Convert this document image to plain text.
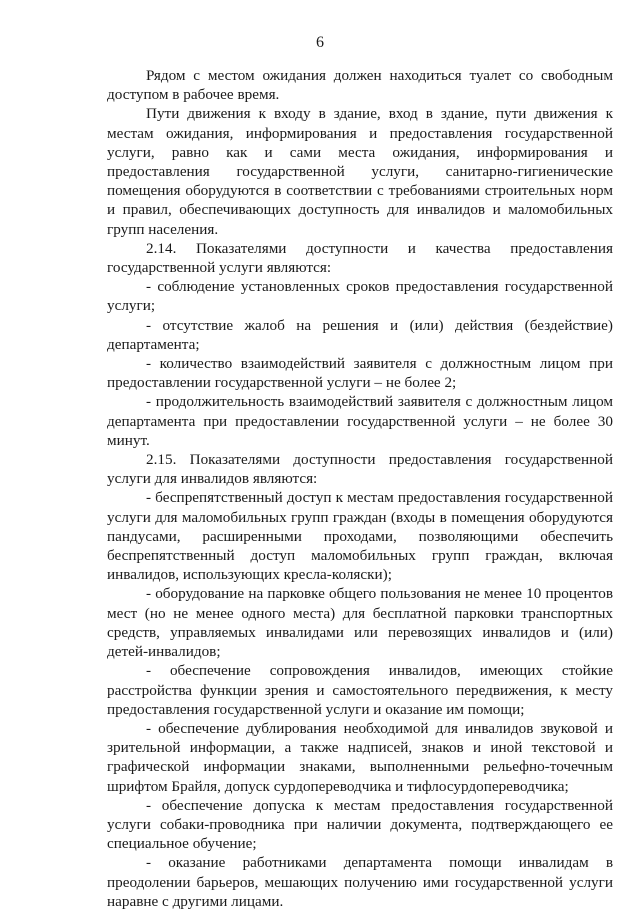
6

Рядом с местом ожидания должен находиться туалет со свободным доступом в рабочее время.

Пути движения к входу в здание, вход в здание, пути движения к местам ожидания, информирования и предоставления государственной услуги, равно как и сами места ожидания, информирования и предоставления государственной услуги, санитарно-гигиенические помещения оборудуются в соответствии с требованиями строительных норм и правил, обеспечивающих доступность для инвалидов и маломобильных групп населения.

2.14. Показателями доступности и качества предоставления государственной услуги являются:

- соблюдение установленных сроков предоставления государственной услуги;

- отсутствие жалоб на решения и (или) действия (бездействие) департамента;

- количество взаимодействий заявителя с должностным лицом при предоставлении государственной услуги – не более 2;

- продолжительность взаимодействий заявителя с должностным лицом департамента при предоставлении государственной услуги – не более 30 минут.

2.15. Показателями доступности предоставления государственной услуги для инвалидов являются:

- беспрепятственный доступ к местам предоставления государственной услуги для маломобильных групп граждан (входы в помещения оборудуются пандусами, расширенными проходами, позволяющими обеспечить беспрепятственный доступ маломобильных групп граждан, включая инвалидов, использующих кресла-коляски);

- оборудование на парковке общего пользования не менее 10 процентов мест (но не менее одного места) для бесплатной парковки транспортных средств, управляемых инвалидами или перевозящих инвалидов и (или) детей-инвалидов;

- обеспечение сопровождения инвалидов, имеющих стойкие расстройства функции зрения и самостоятельного передвижения, к месту предоставления государственной услуги и оказание им помощи;

- обеспечение дублирования необходимой для инвалидов звуковой и зрительной информации, а также надписей, знаков и иной текстовой и графической информации знаками, выполненными рельефно-точечным шрифтом Брайля, допуск сурдопереводчика и тифлосурдопереводчика;

- обеспечение допуска к местам предоставления государственной услуги собаки-проводника при наличии документа, подтверждающего ее специальное обучение;

- оказание работниками департамента помощи инвалидам в преодолении барьеров, мешающих получению ими государственной услуги наравне с другими лицами.
